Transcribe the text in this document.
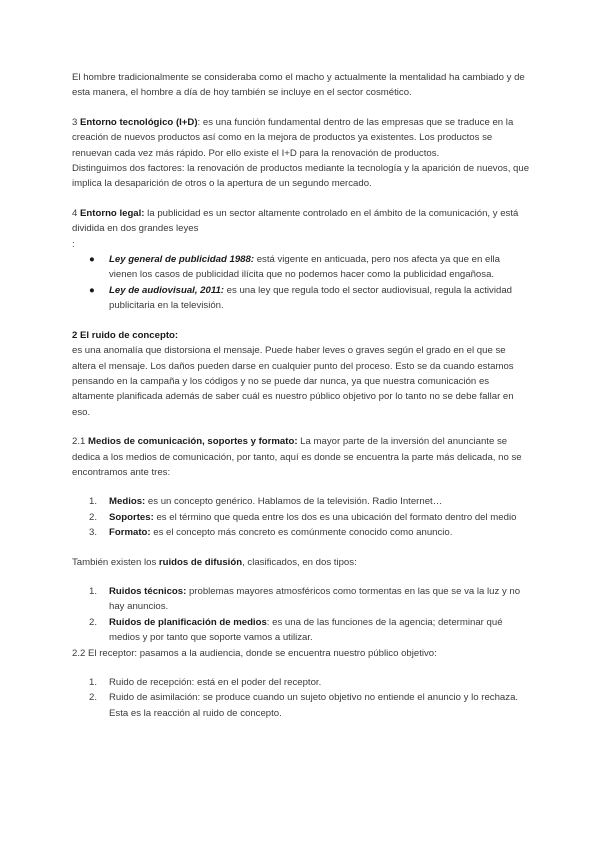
El hombre tradicionalmente se consideraba como el macho y actualmente la mentalidad ha cambiado y de esta manera, el hombre a día de hoy también se incluye en el sector cosmético.

3 Entorno tecnológico (I+D): es una función fundamental dentro de las empresas que se traduce en la creación de nuevos productos así como en la mejora de productos ya existentes. Los productos se renuevan cada vez más rápido. Por ello existe el I+D para la renovación de productos.

Distinguimos dos factores: la renovación de productos mediante la tecnología y la aparición de nuevos, que implica la desaparición de otros o la apertura de un segundo mercado.

4 Entorno legal: la publicidad es un sector altamente controlado en el ámbito de la comunicación, y está dividida en dos grandes leyes

:

● Ley general de publicidad 1988: está vigente en anticuada, pero nos afecta ya que en ella vienen los casos de publicidad ilícita que no podemos hacer como la publicidad engañosa.
● Ley de audiovisual, 2011: es una ley que regula todo el sector audiovisual, regula la actividad publicitaria en la televisión.

2 El ruido de concepto:

es una anomalía que distorsiona el mensaje. Puede haber leves o graves según el grado en el que se altera el mensaje. Los daños pueden darse en cualquier punto del proceso. Esto se da cuando estamos pensando en la campaña y los códigos y no se puede dar nunca, ya que nuestra comunicación es altamente planificada además de saber cuál es nuestro público objetivo por lo tanto no se debe fallar en eso.

2.1 Medios de comunicación, soportes y formato: La mayor parte de la inversión del anunciante se dedica a los medios de comunicación, por tanto, aquí es donde se encuentra la parte más delicada, no se encontramos ante tres:

1. Medios: es un concepto genérico. Hablamos de la televisión. Radio Internet…
2. Soportes: es el término que queda entre los dos es una ubicación del formato dentro del medio
3. Formato: es el concepto más concreto es comúnmente conocido como anuncio.

También existen los ruidos de difusión, clasificados, en dos tipos:

1. Ruidos técnicos: problemas mayores atmosféricos como tormentas en las que se va la luz y no hay anuncios.
2. Ruidos de planificación de medios: es una de las funciones de la agencia; determinar qué medios y por tanto que soporte vamos a utilizar.

2.2 El receptor: pasamos a la audiencia, donde se encuentra nuestro público objetivo:

1. Ruido de recepción: está en el poder del receptor.
2. Ruido de asimilación: se produce cuando un sujeto objetivo no entiende el anuncio y lo rechaza. Esta es la reacción al ruido de concepto.
